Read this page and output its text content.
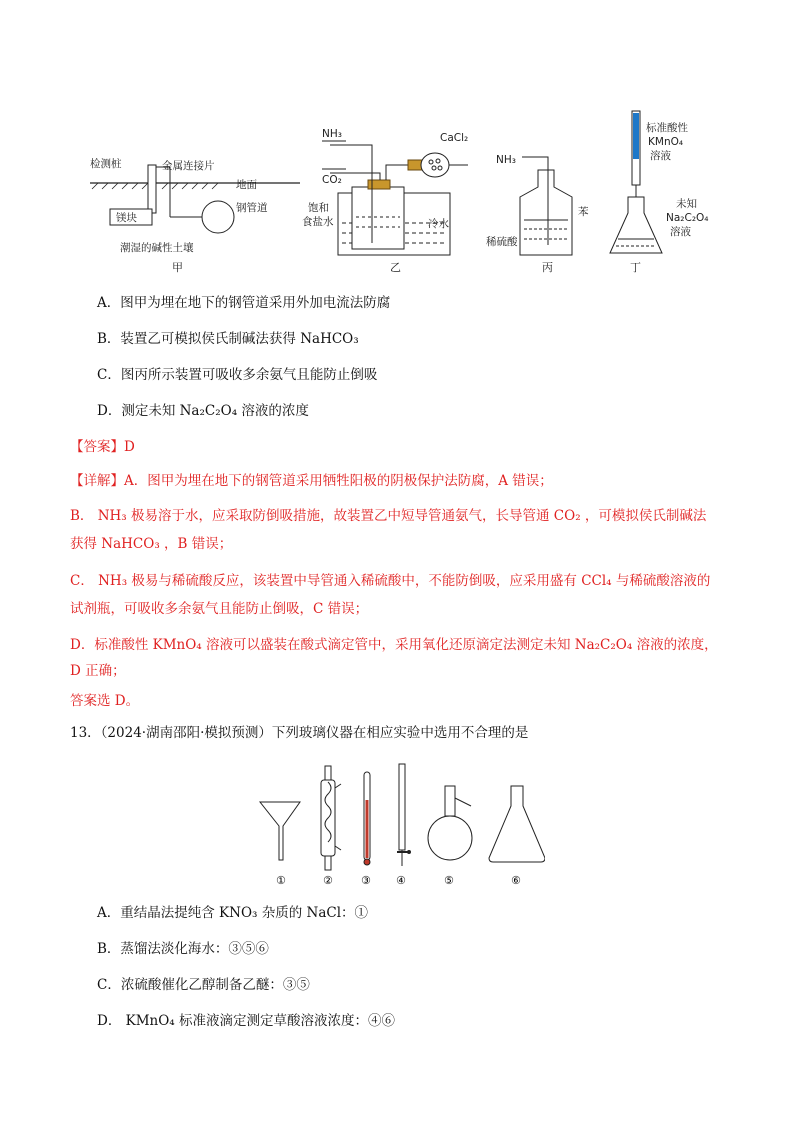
检测桩	金属连接片
地面
镁块
钢管道
潮湿的碱性土壤
甲
NH₃
CO₂
CaCl₂
饱和
食盐水	冷水
乙
NH₃
苯
稀硫酸
丙
标准酸性
KMnO₄
溶液
未知
Na₂C₂O₄
溶液
丁
A．图甲为埋在地下的钢管道采用外加电流法防腐
B．装置乙可模拟侯氏制碱法获得 NaHCO₃
C．图丙所示装置可吸收多余氨气且能防止倒吸
D．测定未知 Na₂C₂O₄ 溶液的浓度
【答案】D
【详解】A．图甲为埋在地下的钢管道采用牺牲阳极的阴极保护法防腐，A 错误；
B． NH₃ 极易溶于水，应采取防倒吸措施，故装置乙中短导管通氨气，长导管通 CO₂ ，可模拟侯氏制碱法
获得 NaHCO₃ ，B 错误；
C． NH₃ 极易与稀硫酸反应，该装置中导管通入稀硫酸中，不能防倒吸，应采用盛有 CCl₄ 与稀硫酸溶液的
试剂瓶，可吸收多余氨气且能防止倒吸，C 错误；
D．标准酸性 KMnO₄ 溶液可以盛装在酸式滴定管中，采用氧化还原滴定法测定未知 Na₂C₂O₄ 溶液的浓度，
D 正确；
答案选 D。
13．（2024·湖南邵阳·模拟预测）下列玻璃仪器在相应实验中选用不合理的是
①	②	③ ④	⑤	⑥
A．重结晶法提纯含 KNO₃ 杂质的 NaCl：①
B．蒸馏法淡化海水：③⑤⑥
C．浓硫酸催化乙醇制备乙醚：③⑤
D． KMnO₄ 标准液滴定测定草酸溶液浓度：④⑥
